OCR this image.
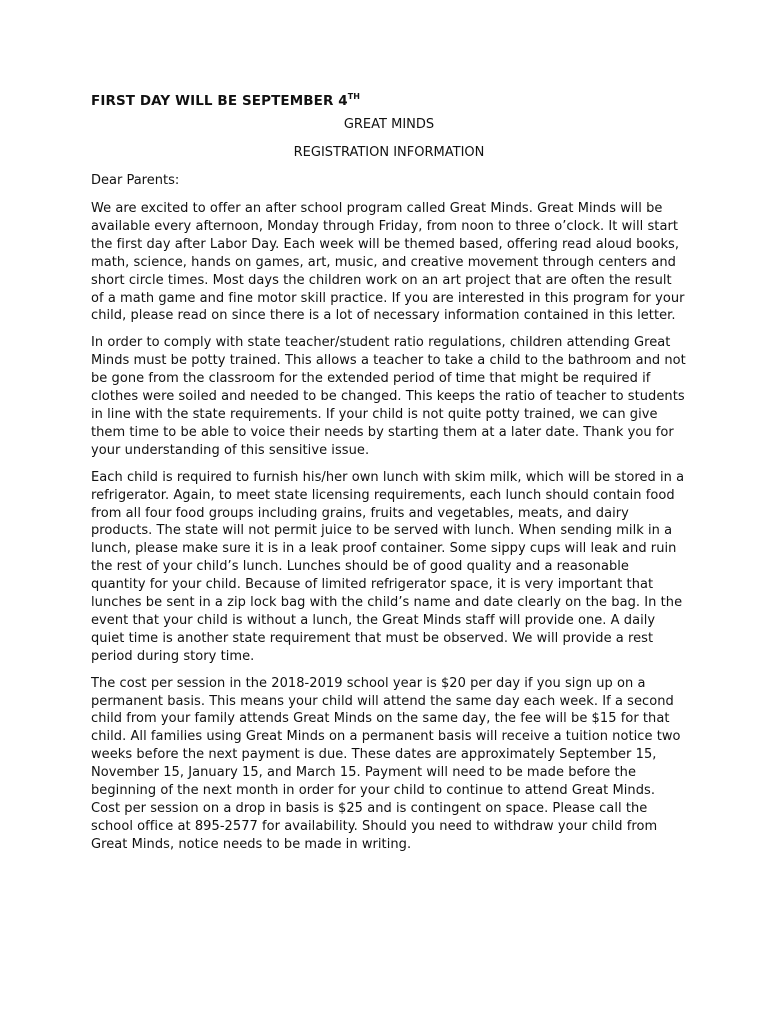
FIRST DAY WILL BE SEPTEMBER 4TH
GREAT MINDS
REGISTRATION INFORMATION
Dear Parents:

We are excited to offer an after school program called Great Minds. Great Minds will be available every afternoon, Monday through Friday, from noon to three o’clock. It will start the first day after Labor Day. Each week will be themed based, offering read aloud books, math, science, hands on games, art, music, and creative movement through centers and short circle times. Most days the children work on an art project that are often the result of a math game and fine motor skill practice. If you are interested in this program for your child, please read on since there is a lot of necessary information contained in this letter.

In order to comply with state teacher/student ratio regulations, children attending Great Minds must be potty trained. This allows a teacher to take a child to the bathroom and not be gone from the classroom for the extended period of time that might be required if clothes were soiled and needed to be changed. This keeps the ratio of teacher to students in line with the state requirements. If your child is not quite potty trained, we can give them time to be able to voice their needs by starting them at a later date. Thank you for your understanding of this sensitive issue.

Each child is required to furnish his/her own lunch with skim milk, which will be stored in a refrigerator. Again, to meet state licensing requirements, each lunch should contain food from all four food groups including grains, fruits and vegetables, meats, and dairy products. The state will not permit juice to be served with lunch. When sending milk in a lunch, please make sure it is in a leak proof container. Some sippy cups will leak and ruin the rest of your child’s lunch. Lunches should be of good quality and a reasonable quantity for your child. Because of limited refrigerator space, it is very important that lunches be sent in a zip lock bag with the child’s name and date clearly on the bag. In the event that your child is without a lunch, the Great Minds staff will provide one. A daily quiet time is another state requirement that must be observed. We will provide a rest period during story time.

The cost per session in the 2018-2019 school year is $20 per day if you sign up on a permanent basis. This means your child will attend the same day each week. If a second child from your family attends Great Minds on the same day, the fee will be $15 for that child. All families using Great Minds on a permanent basis will receive a tuition notice two weeks before the next payment is due. These dates are approximately September 15, November 15, January 15, and March 15. Payment will need to be made before the beginning of the next month in order for your child to continue to attend Great Minds. Cost per session on a drop in basis is $25 and is contingent on space. Please call the school office at 895-2577 for availability. Should you need to withdraw your child from Great Minds, notice needs to be made in writing.
